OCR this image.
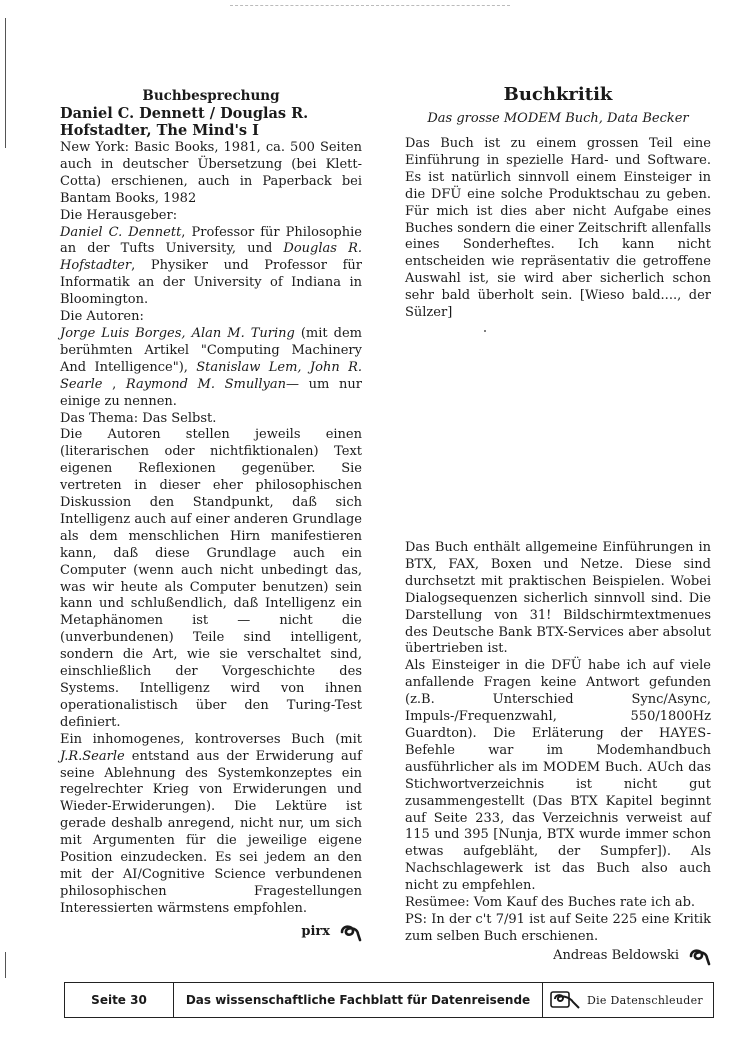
Buchbesprechung

Daniel C. Dennett / Douglas R. Hofstadter, The Mind's I

New York: Basic Books, 1981, ca. 500 Seiten auch in deutscher Übersetzung (bei Klett-Cotta) erschienen, auch in Paperback bei Bantam Books, 1982

Die Herausgeber:

Daniel C. Dennett, Professor für Philosophie an der Tufts University, und Douglas R. Hofstadter, Physiker und Professor für Informatik an der University of Indiana in Bloomington.

Die Autoren:

Jorge Luis Borges, Alan M. Turing (mit dem berühmten Artikel "Computing Machinery And Intelligence"), Stanislaw Lem, John R. Searle , Raymond M. Smullyan— um nur einige zu nennen.

Das Thema: Das Selbst.

Die Autoren stellen jeweils einen (literarischen oder nichtfiktionalen) Text eigenen Reflexionen gegenüber. Sie vertreten in dieser eher philosophischen Diskussion den Standpunkt, daß sich Intelligenz auch auf einer anderen Grundlage als dem menschlichen Hirn manifestieren kann, daß diese Grundlage auch ein Computer (wenn auch nicht unbedingt das, was wir heute als Computer benutzen) sein kann und schlußendlich, daß Intelligenz ein Metaphänomen ist — nicht die (unverbundenen) Teile sind intelligent, sondern die Art, wie sie verschaltet sind, einschließlich der Vorgeschichte des Systems. Intelligenz wird von ihnen operationalistisch über den Turing-Test definiert.

Ein inhomogenes, kontroverses Buch (mit J.R.Searle entstand aus der Erwiderung auf seine Ablehnung des Systemkonzeptes ein regelrechter Krieg von Erwiderungen und Wieder-Erwiderungen). Die Lektüre ist gerade deshalb anregend, nicht nur, um sich mit Argumenten für die jeweilige eigene Position einzudecken. Es sei jedem an den mit der AI/Cognitive Science verbundenen philosophischen Fragestellungen Interessierten wärmstens empfohlen.

pirx

Buchkritik

Das grosse MODEM Buch, Data Becker

Das Buch ist zu einem grossen Teil eine Einführung in spezielle Hard- und Software. Es ist natürlich sinnvoll einem Einsteiger in die DFÜ eine solche Produktschau zu geben. Für mich ist dies aber nicht Aufgabe eines Buches sondern die einer Zeitschrift allenfalls eines Sonderheftes. Ich kann nicht entscheiden wie repräsentativ die getroffene Auswahl ist, sie wird aber sicherlich schon sehr bald überholt sein. [Wieso bald...., der Sülzer]

Das Buch enthält allgemeine Einführungen in BTX, FAX, Boxen und Netze. Diese sind durchsetzt mit praktischen Beispielen. Wobei Dialogsequenzen sicherlich sinnvoll sind. Die Darstellung von 31! Bildschirmtextmenues des Deutsche Bank BTX-Services aber absolut übertrieben ist.

Als Einsteiger in die DFÜ habe ich auf viele anfallende Fragen keine Antwort gefunden (z.B. Unterschied Sync/Async, Impuls-/Frequenzwahl, 550/1800Hz Guardton). Die Erläterung der HAYES-Befehle war im Modemhandbuch ausführlicher als im MODEM Buch. AUch das Stichwortverzeichnis ist nicht gut zusammengestellt (Das BTX Kapitel beginnt auf Seite 233, das Verzeichnis verweist auf 115 und 395 [Nunja, BTX wurde immer schon etwas aufgebläht, der Sumpfer]). Als Nachschlagewerk ist das Buch also auch nicht zu empfehlen.

Resümee: Vom Kauf des Buches rate ich ab.

PS: In der c't 7/91 ist auf Seite 225 eine Kritik zum selben Buch erschienen.

Andreas Beldowski
Seite 30	Das wissenschaftliche Fachblatt für Datenreisende	Die Datenschleuder
